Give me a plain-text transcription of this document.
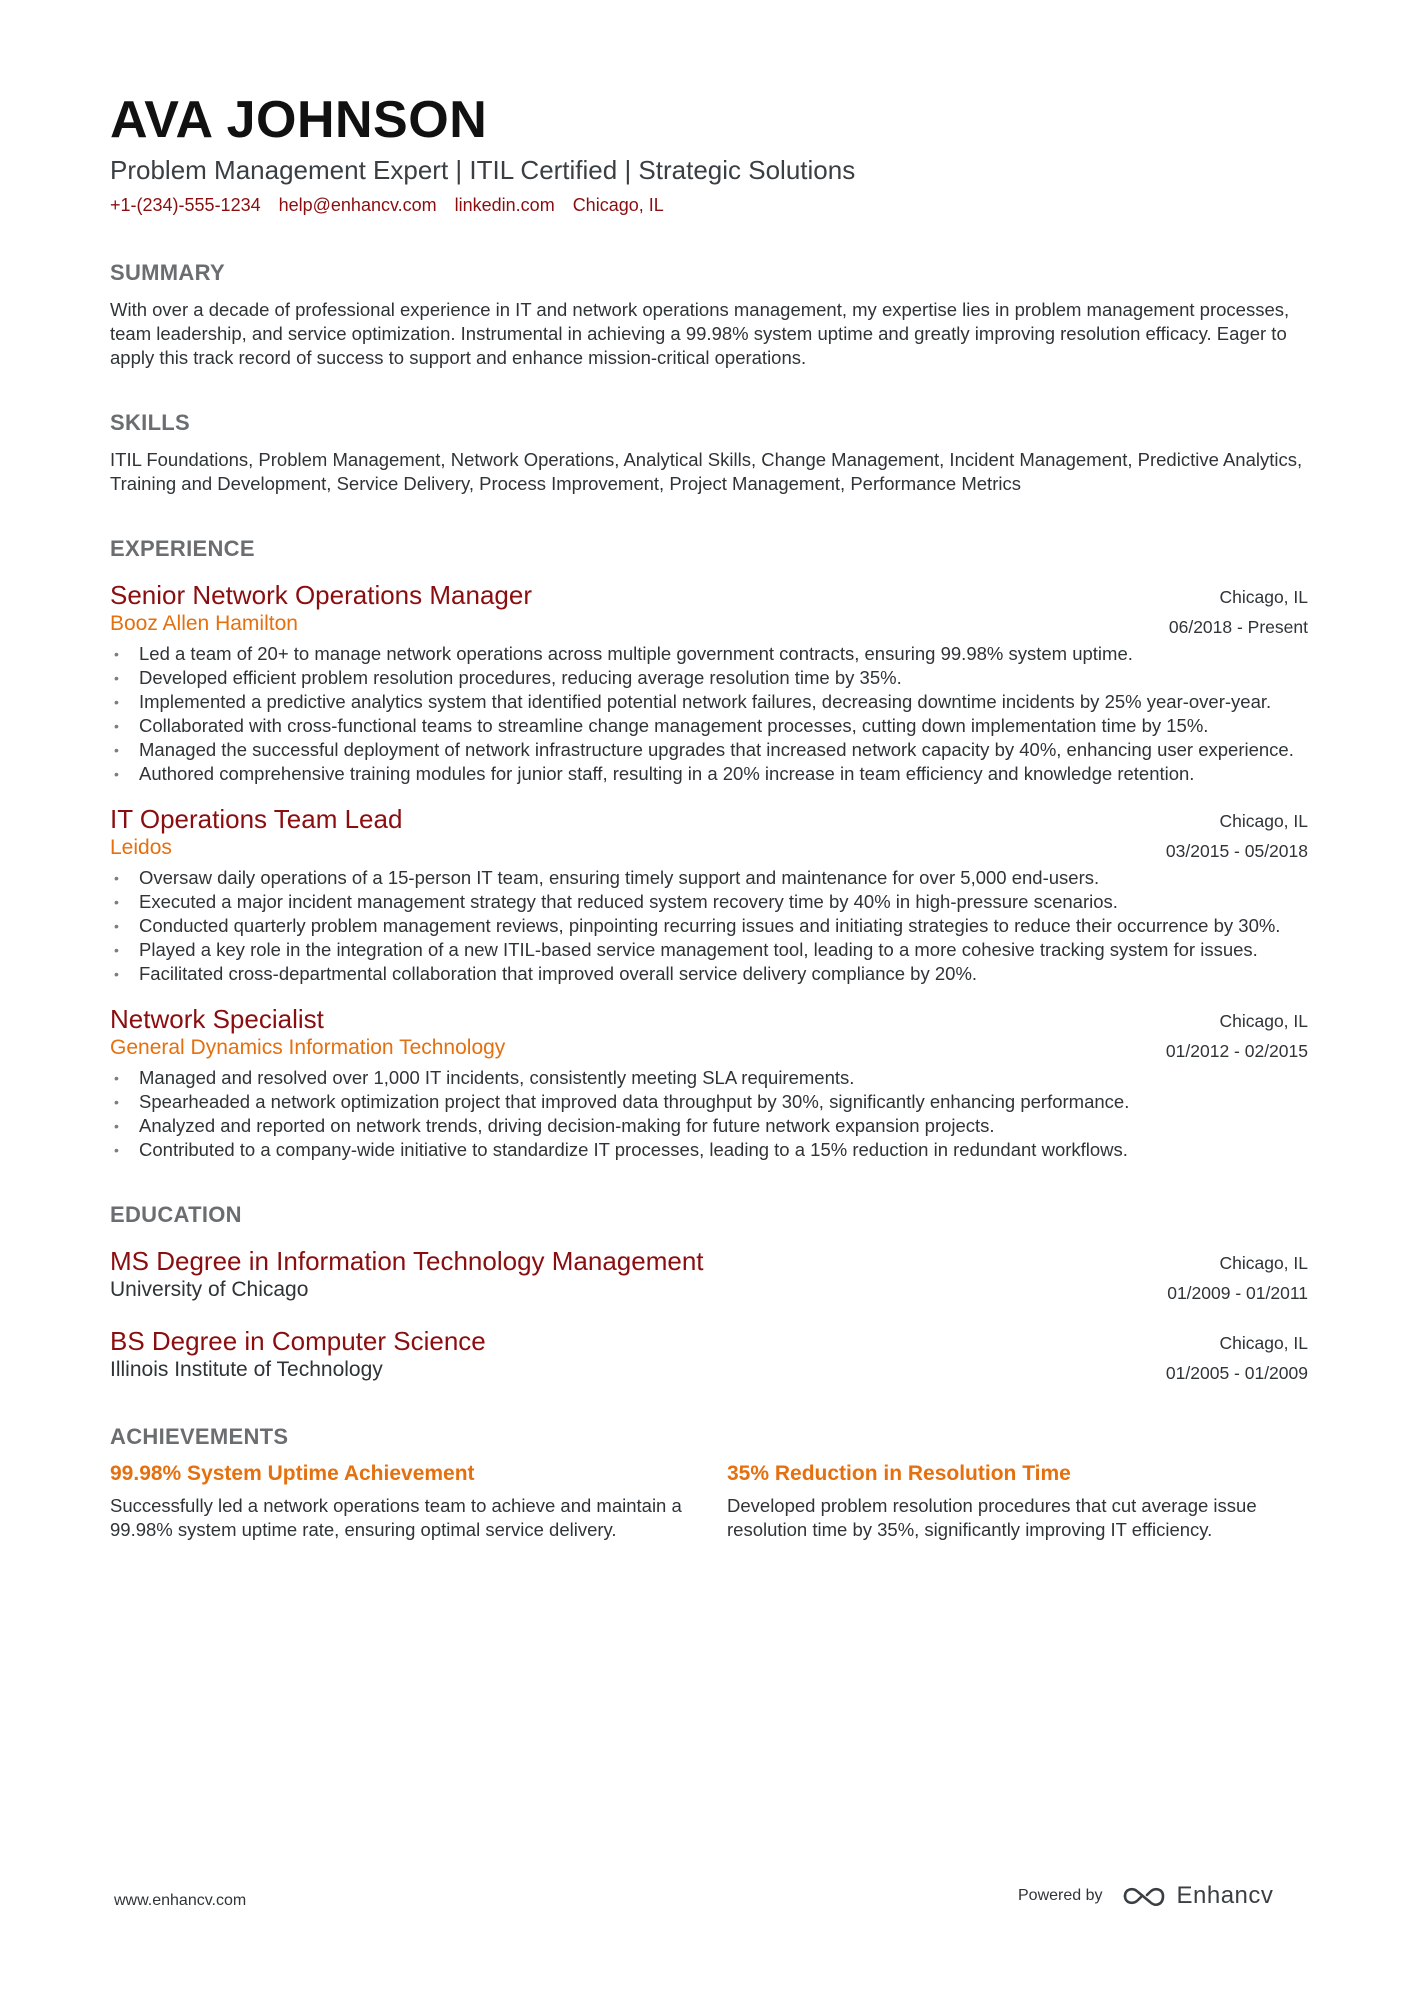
AVA JOHNSON
Problem Management Expert | ITIL Certified | Strategic Solutions
+1-(234)-555-1234 help@enhancv.com linkedin.com Chicago, IL
SUMMARY

With over a decade of professional experience in IT and network operations management, my expertise lies in problem management processes, team leadership, and service optimization. Instrumental in achieving a 99.98% system uptime and greatly improving resolution efficacy. Eager to apply this track record of success to support and enhance mission-critical operations.

SKILLS

ITIL Foundations, Problem Management, Network Operations, Analytical Skills, Change Management, Incident Management, Predictive Analytics, Training and Development, Service Delivery, Process Improvement, Project Management, Performance Metrics

EXPERIENCE
Senior Network Operations Manager
Booz Allen Hamilton
Chicago, IL
06/2018 - Present
• Led a team of 20+ to manage network operations across multiple government contracts, ensuring 99.98% system uptime.
• Developed efficient problem resolution procedures, reducing average resolution time by 35%.
• Implemented a predictive analytics system that identified potential network failures, decreasing downtime incidents by 25% year-over-year.
• Collaborated with cross-functional teams to streamline change management processes, cutting down implementation time by 15%.
• Managed the successful deployment of network infrastructure upgrades that increased network capacity by 40%, enhancing user experience.
• Authored comprehensive training modules for junior staff, resulting in a 20% increase in team efficiency and knowledge retention.
IT Operations Team Lead
Leidos
Chicago, IL
03/2015 - 05/2018
• Oversaw daily operations of a 15-person IT team, ensuring timely support and maintenance for over 5,000 end-users.
• Executed a major incident management strategy that reduced system recovery time by 40% in high-pressure scenarios.
• Conducted quarterly problem management reviews, pinpointing recurring issues and initiating strategies to reduce their occurrence by 30%.
• Played a key role in the integration of a new ITIL-based service management tool, leading to a more cohesive tracking system for issues.
• Facilitated cross-departmental collaboration that improved overall service delivery compliance by 20%.
Network Specialist
General Dynamics Information Technology
Chicago, IL
01/2012 - 02/2015
• Managed and resolved over 1,000 IT incidents, consistently meeting SLA requirements.
• Spearheaded a network optimization project that improved data throughput by 30%, significantly enhancing performance.
• Analyzed and reported on network trends, driving decision-making for future network expansion projects.
• Contributed to a company-wide initiative to standardize IT processes, leading to a 15% reduction in redundant workflows.
EDUCATION
MS Degree in Information Technology Management
University of Chicago
Chicago, IL
01/2009 - 01/2011
BS Degree in Computer Science
Illinois Institute of Technology
Chicago, IL
01/2005 - 01/2009
ACHIEVEMENTS
99.98% System Uptime Achievement

Successfully led a network operations team to achieve and maintain a 99.98% system uptime rate, ensuring optimal service delivery.

35% Reduction in Resolution Time

Developed problem resolution procedures that cut average issue resolution time by 35%, significantly improving IT efficiency.

www.enhancv.com	Powered by	Enhancv
